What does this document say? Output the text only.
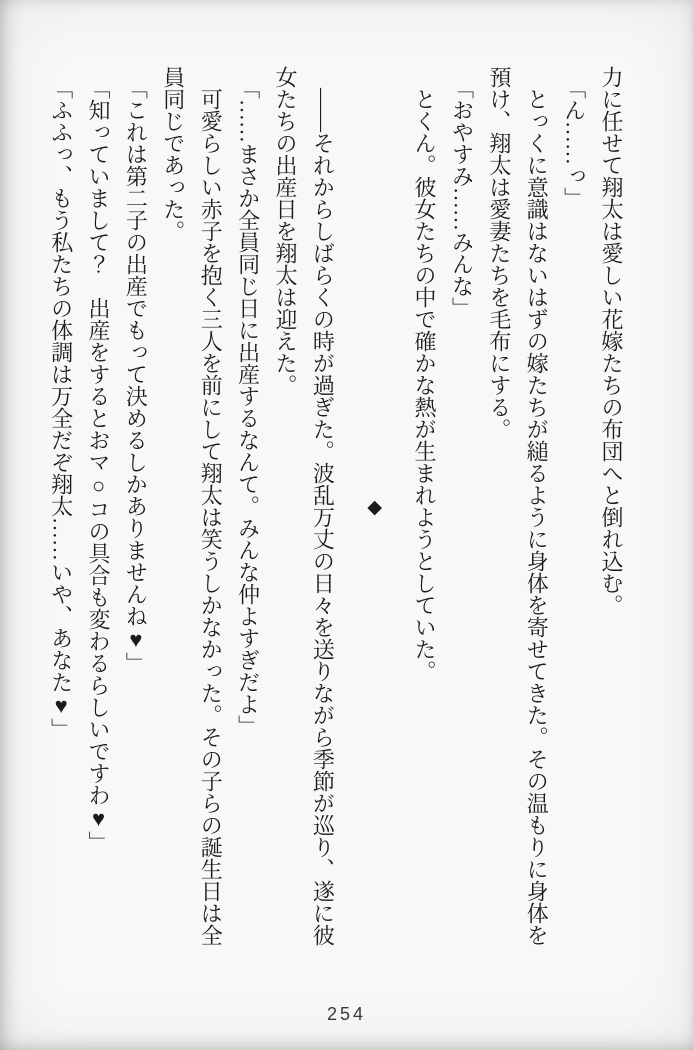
力に任せて翔太は愛しい花嫁たちの布団へと倒れ込む。

「ん……っ」

とっくに意識はないはずの嫁たちが縋るように身体を寄せてきた。その温もりに身体を

預け、翔太は愛妻たちを毛布にする。

「おやすみ……みんな」

とくん。彼女たちの中で確かな熱が生まれようとしていた。

◆

――それからしばらくの時が過ぎた。波乱万丈の日々を送りながら季節が巡り、遂に彼

女たちの出産日を翔太は迎えた。

「……まさか全員同じ日に出産するなんて。みんな仲よすぎだよ」

可愛らしい赤子を抱く三人を前にして翔太は笑うしかなかった。その子らの誕生日は全

員同じであった。

「これは第二子の出産でもって決めるしかありませんね♥」

「知っていまして？　出産をするとおマ○コの具合も変わるらしいですわ♥」

「ふふっ、もう私たちの体調は万全だぞ翔太……いや、あなた♥」

254
